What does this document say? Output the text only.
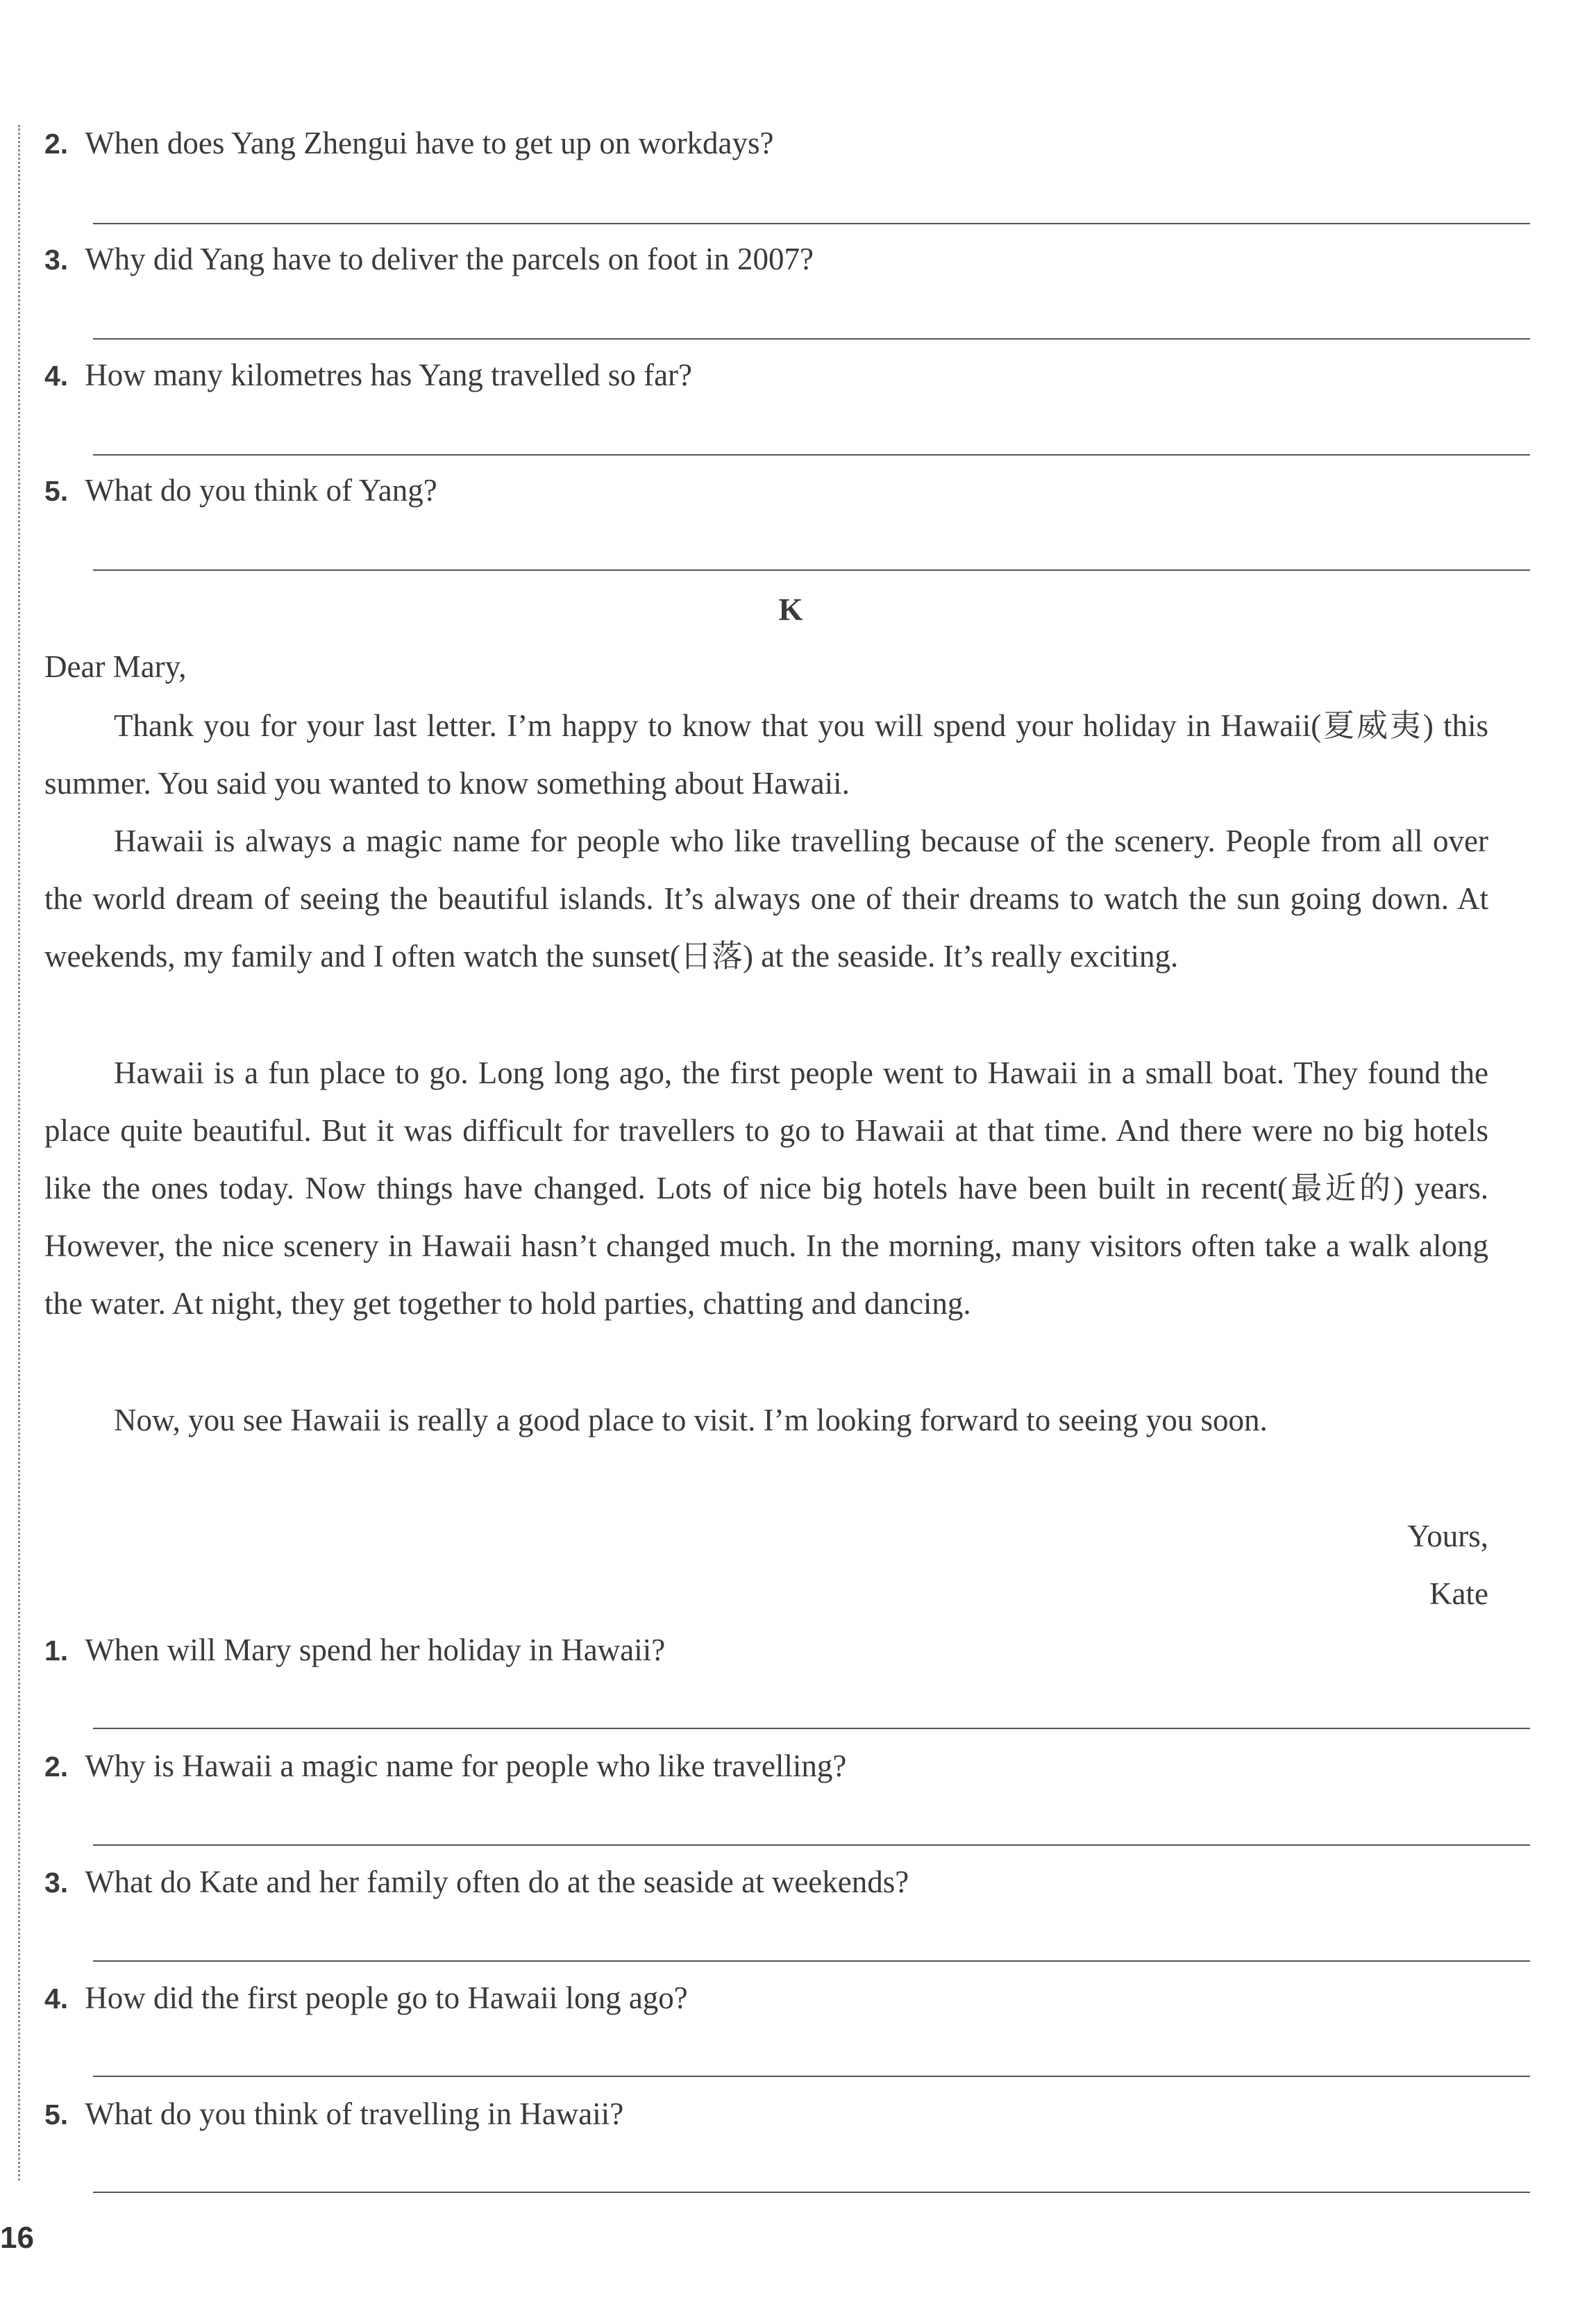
2. When does Yang Zhengui have to get up on workdays?
3. Why did Yang have to deliver the parcels on foot in 2007?
4. How many kilometres has Yang travelled so far?
5. What do you think of Yang?
K
Dear Mary,

Thank you for your last letter. I’m happy to know that you will spend your holiday in Hawaii(夏威夷) this summer. You said you wanted to know something about Hawaii.

Hawaii is always a magic name for people who like travelling because of the scenery. People from all over the world dream of seeing the beautiful islands. It’s always one of their dreams to watch the sun going down. At weekends, my family and I often watch the sunset(日落) at the seaside. It’s really exciting.

Hawaii is a fun place to go. Long long ago, the first people went to Hawaii in a small boat. They found the place quite beautiful. But it was difficult for travellers to go to Hawaii at that time. And there were no big hotels like the ones today. Now things have changed. Lots of nice big hotels have been built in recent(最近的) years. However, the nice scenery in Hawaii hasn’t changed much. In the morning, many visitors often take a walk along the water. At night, they get together to hold parties, chatting and dancing.

Now, you see Hawaii is really a good place to visit. I’m looking forward to seeing you soon.

Yours,
Kate
1. When will Mary spend her holiday in Hawaii?
2. Why is Hawaii a magic name for people who like travelling?
3. What do Kate and her family often do at the seaside at weekends?
4. How did the first people go to Hawaii long ago?
5. What do you think of travelling in Hawaii?
16
